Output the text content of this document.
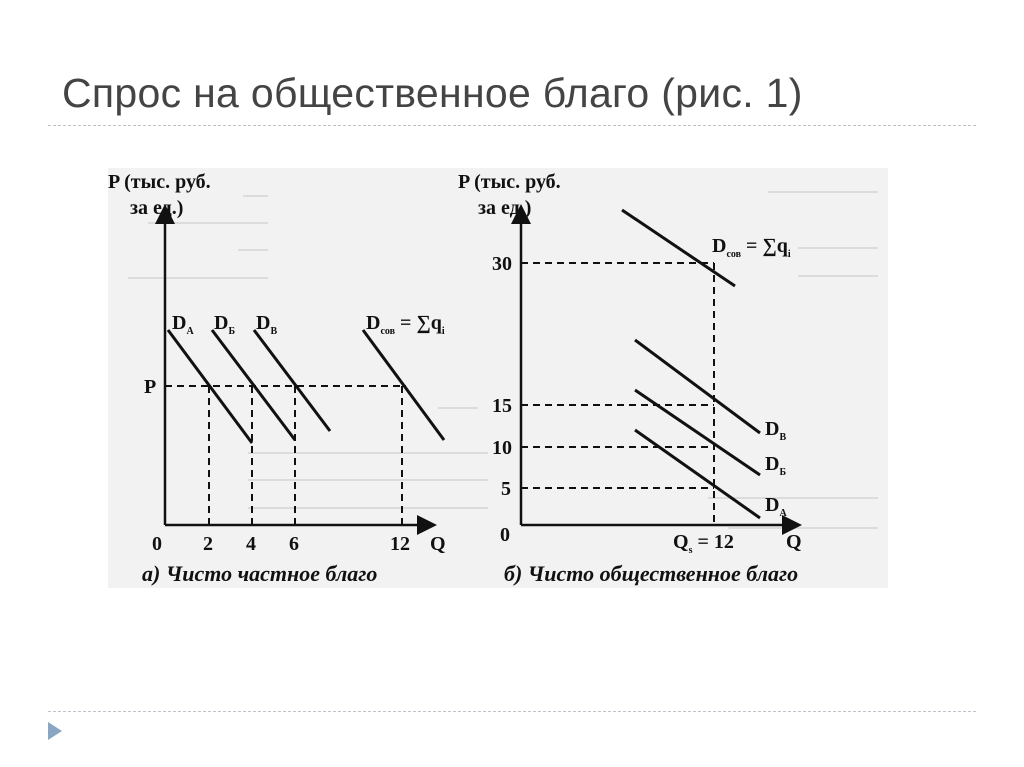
Спрос на общественное благо (рис. 1)
P (тыс. руб.
за ед.)
$D_A$ $D_Б$ $D_В$	$D_{сов} = \sum q_i$
P
0 2 4 6	12 Q
а) Чисто частное благо
P (тыс. руб.
за ед.)
$D_{сов} = \sum q_i$
$D_В$
$D_Б$
$D_A$
30
15
10
5
0	$Q_s = 12$	Q
б) Чисто общественное благо
